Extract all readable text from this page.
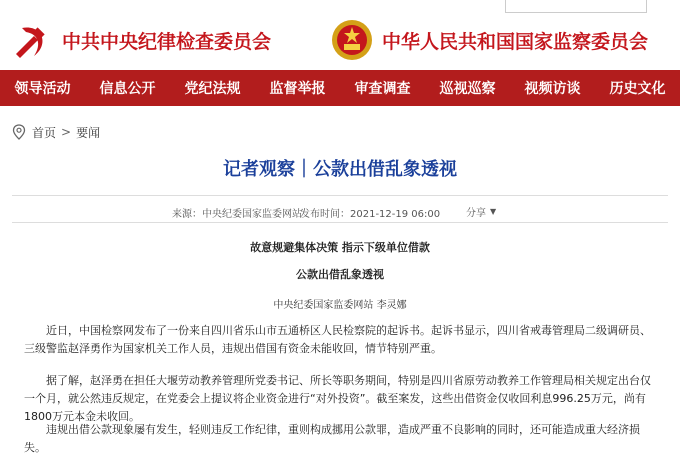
中共中央纪律检查委员会	中华人民共和国国家监察委员会
领导活动	信息公开	党纪法规	监督举报	审查调查	巡视巡察	视频访谈	历史文化
首页 > 要闻
记者观察｜公款出借乱象透视
来源：中央纪委国家监委网站
发布时间：2021-12-19 06:00	分享 ▼
故意规避集体决策 指示下级单位借款
公款出借乱象透视
中央纪委国家监委网站 李灵娜

近日，中国检察网发布了一份来自四川省乐山市五通桥区人民检察院的起诉书。起诉书显示，四川省戒毒管理局二级调研员、三级警监赵泽勇作为国家机关工作人员，违规出借国有资金未能收回，情节特别严重。

据了解，赵泽勇在担任大堰劳动教养管理所党委书记、所长等职务期间，特别是四川省原劳动教养工作管理局相关规定出台仅一个月，就公然违反规定，在党委会上提议将企业资金进行“对外投资”。截至案发，这些出借资金仅收回利息996.25万元，尚有1800万元本金未收回。

违规出借公款现象屡有发生，轻则违反工作纪律，重则构成挪用公款罪，造成严重不良影响的同时，还可能造成重大经济损失。
